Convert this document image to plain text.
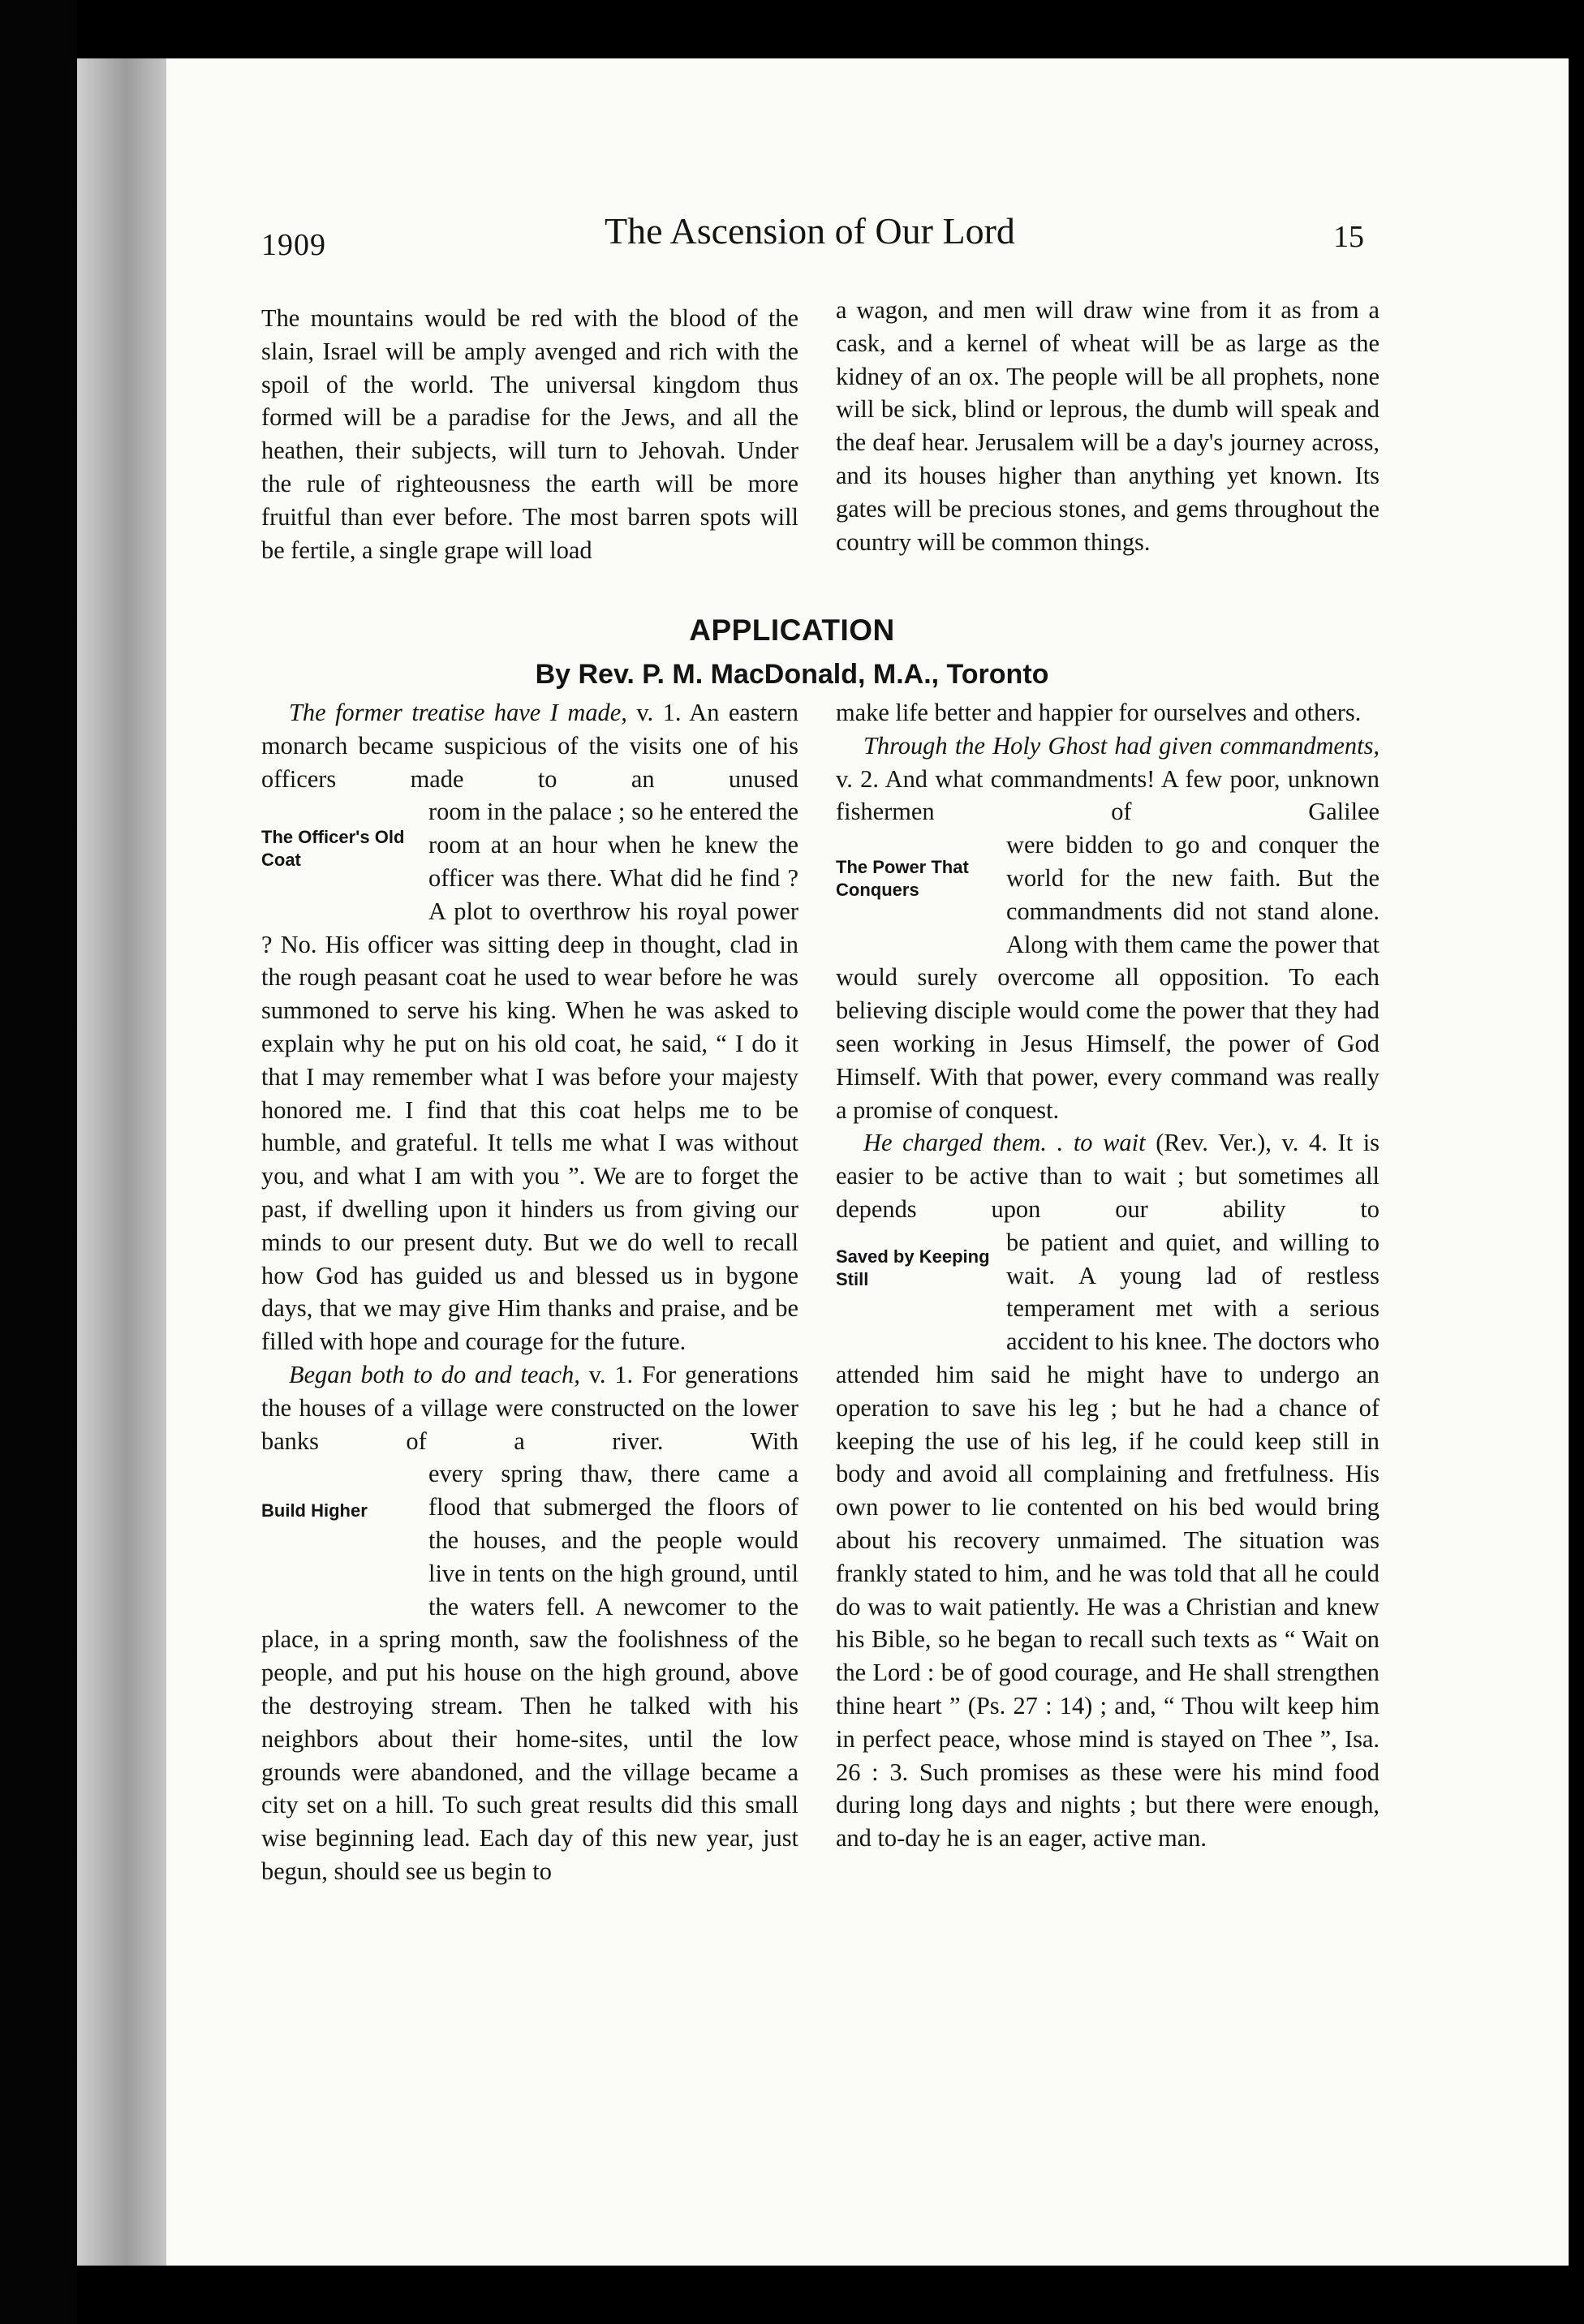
1909	The Ascension of Our Lord	15

The mountains would be red with the blood of the slain, Israel will be amply avenged and rich with the spoil of the world. The universal kingdom thus formed will be a paradise for the Jews, and all the heathen, their subjects, will turn to Jehovah. Under the rule of righteousness the earth will be more fruitful than ever before. The most barren spots will be fertile, a single grape will load

a wagon, and men will draw wine from it as from a cask, and a kernel of wheat will be as large as the kidney of an ox. The people will be all prophets, none will be sick, blind or leprous, the dumb will speak and the deaf hear. Jerusalem will be a day's journey across, and its houses higher than anything yet known. Its gates will be precious stones, and gems throughout the country will be common things.

APPLICATION
By Rev. P. M. MacDonald, M.A., Toronto

The former treatise have I made, v. 1. An eastern monarch became suspicious of the visits one of his officers made to an unused

The Officer's Old Coat
room in the palace ; so he entered the room at an hour when he knew the officer was there. What did he find ? A plot to overthrow his royal power ? No. His officer was sitting deep in thought, clad in the rough peasant coat he used to wear before he was summoned to serve his king. When he was asked to explain why he put on his old coat, he said, “ I do it that I may remember what I was before your majesty honored me. I find that this coat helps me to be humble, and grateful. It tells me what I was without you, and what I am with you ”. We are to forget the past, if dwelling upon it hinders us from giving our minds to our present duty. But we do well to recall how God has guided us and blessed us in bygone days, that we may give Him thanks and praise, and be filled with hope and courage for the future.

Began both to do and teach, v. 1. For generations the houses of a village were constructed on the lower banks of a river. With

Build Higher
every spring thaw, there came a flood that submerged the floors of the houses, and the people would live in tents on the high ground, until the waters fell. A newcomer to the place, in a spring month, saw the foolishness of the people, and put his house on the high ground, above the destroying stream. Then he talked with his neighbors about their home-sites, until the low grounds were abandoned, and the village became a city set on a hill. To such great results did this small wise beginning lead. Each day of this new year, just begun, should see us begin to

make life better and happier for ourselves and others.

Through the Holy Ghost had given commandments, v. 2. And what commandments! A few poor, unknown fishermen of Galilee

The Power That Conquers
were bidden to go and conquer the world for the new faith. But the commandments did not stand alone. Along with them came the power that would surely overcome all opposition. To each believing disciple would come the power that they had seen working in Jesus Himself, the power of God Himself. With that power, every command was really a promise of conquest.

He charged them. . to wait (Rev. Ver.), v. 4. It is easier to be active than to wait ; but sometimes all depends upon our ability to

Saved by Keeping Still
be patient and quiet, and willing to wait. A young lad of restless temperament met with a serious accident to his knee. The doctors who attended him said he might have to undergo an operation to save his leg ; but he had a chance of keeping the use of his leg, if he could keep still in body and avoid all complaining and fretfulness. His own power to lie contented on his bed would bring about his recovery unmaimed. The situation was frankly stated to him, and he was told that all he could do was to wait patiently. He was a Christian and knew his Bible, so he began to recall such texts as “ Wait on the Lord : be of good courage, and He shall strengthen thine heart ” (Ps. 27 : 14) ; and, “ Thou wilt keep him in perfect peace, whose mind is stayed on Thee ”, Isa. 26 : 3. Such promises as these were his mind food during long days and nights ; but there were enough, and to-day he is an eager, active man.
